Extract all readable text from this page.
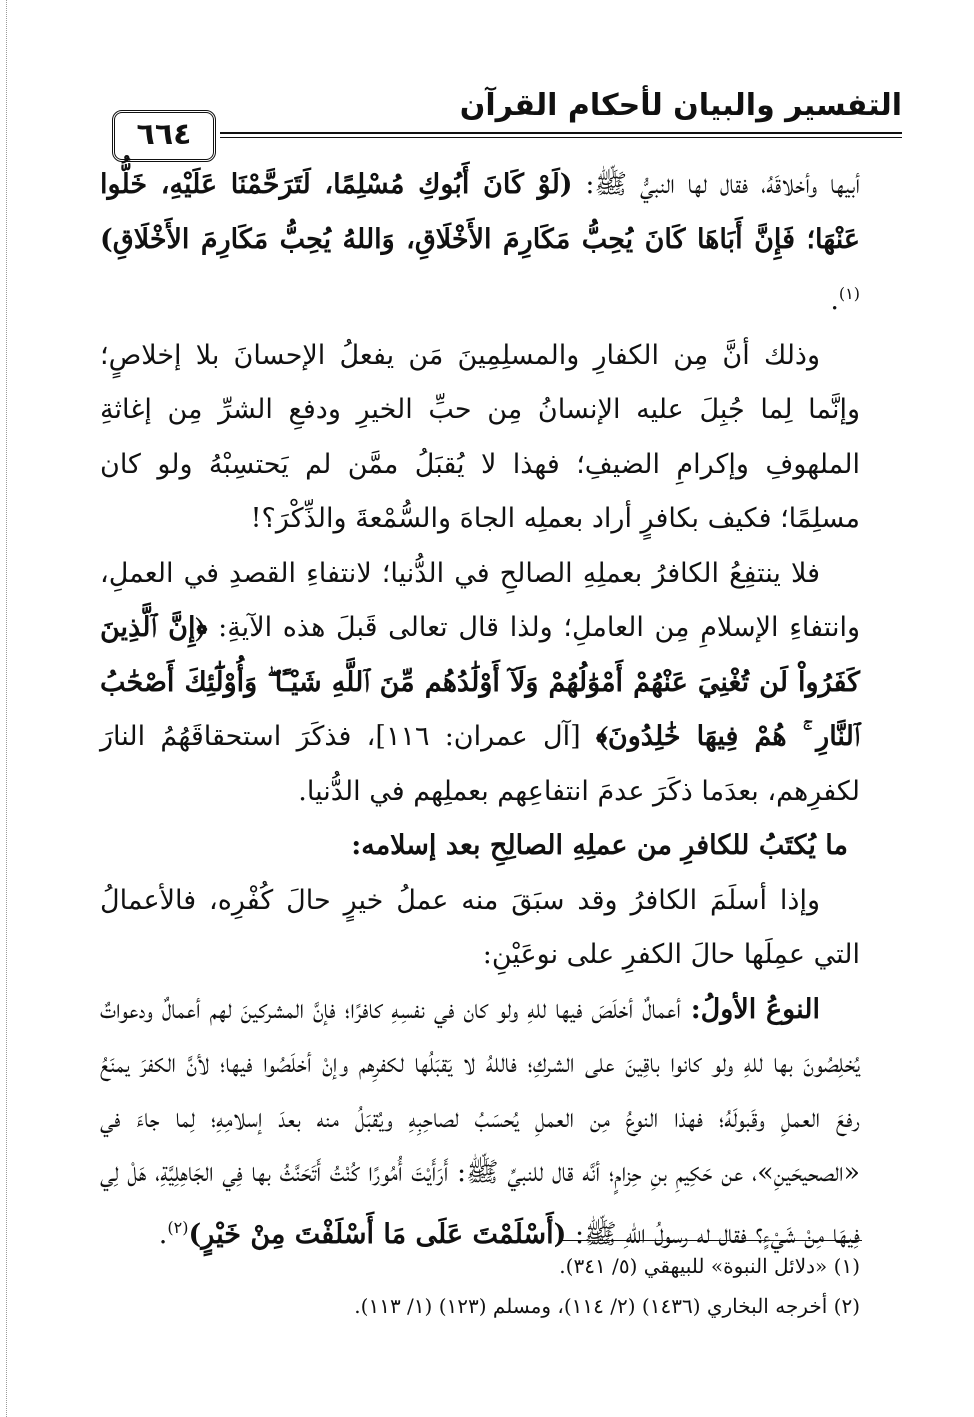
التفسير والبيان لأحكام القرآن
٦٦٤

أبيها وأخلاقَهُ، فقال لها النبيُّ ﷺ: (لَوْ كَانَ أَبُوكِ مُسْلِمًا، لَتَرَحَّمْنَا عَلَيْهِ، خَلُّوا عَنْهَا؛ فَإِنَّ أَبَاهَا كَانَ يُحِبُّ مَكَارِمَ الأَخْلَاقِ، وَاللهُ يُحِبُّ مَكَارِمَ الأَخْلَاقِ)$^{(١)}$.

وذلك أنَّ مِن الكفارِ والمسلِمِينَ مَن يفعلُ الإحسانَ بلا إخلاصٍ؛ وإنَّما لِما جُبِلَ عليه الإنسانُ مِن حبِّ الخيرِ ودفعِ الشرِّ مِن إغاثةِ الملهوفِ وإكرامِ الضيفِ؛ فهذا لا يُقبَلُ ممَّن لم يَحتسِبْهُ ولو كان مسلِمًا؛ فكيف بكافرٍ أراد بعملِه الجاهَ والسُّمْعةَ والذِّكْرَ؟!

فلا ينتفِعُ الكافرُ بعملِهِ الصالحِ في الدُّنيا؛ لانتفاءِ القصدِ في العملِ، وانتفاءِ الإسلامِ مِن العاملِ؛ ولذا قال تعالى قَبلَ هذه الآيةِ: ﴿إِنَّ ٱلَّذِينَ كَفَرُواْ لَن تُغْنِيَ عَنْهُمْ أَمْوَٰلُهُمْ وَلَآ أَوْلَٰدُهُم مِّنَ ٱللَّهِ شَيْـًٔا ۖ وَأُوْلَٰٓئِكَ أَصْحَٰبُ ٱلنَّارِ ۚ هُمْ فِيهَا خَٰلِدُونَ﴾ [آل عمران: ١١٦]، فذكَرَ استحقاقَهُمُ النارَ لكفرِهم، بعدَما ذكَرَ عدمَ انتفاعِهم بعملِهم في الدُّنيا.

ما يُكتَبُ للكافرِ من عملِهِ الصالِحِ بعد إسلامه:

وإذا أسلَمَ الكافرُ وقد سبَقَ منه عملُ خيرٍ حالَ كُفْرِه، فالأعمالُ التي عمِلَها حالَ الكفرِ على نوعَيْنِ:

النوعُ الأولُ: أعمالٌ أخلَصَ فيها للهِ ولو كان في نفسِهِ كافرًا؛ فإنَّ المشركينَ لهم أعمالٌ ودعواتٌ يُخلِصُونَ بها للهِ ولو كانوا باقِينَ على الشركِ؛ فاللهُ لا يَقبَلُها لكفرِهم وإنْ أخلَصُوا فيها؛ لأنَّ الكفرَ يمنَعُ رفعَ العملِ وقَبولَهُ؛ فهذا النوعُ مِن العملِ يُحسَبُ لصاحِبِهِ ويُقبَلُ منه بعدَ إسلامِهِ؛ لِما جاءَ في «الصحيحَينِ»، عن حَكِيمِ بنِ حِزامٍ؛ أنَّه قال للنبيِّ ﷺ: أَرَأَيْتَ أُمُورًا كُنْتُ أَتَحَنَّثُ بها فِي الجَاهِلِيَّةِ، هَلْ لِي فِيهَا مِنْ شَيْءٍ؟ فقال له رسولُ اللهِ ﷺ: (أَسْلَمْتَ عَلَى مَا أَسْلَفْتَ مِنْ خَيْرٍ)$^{(٢)}$.

(١) «دلائل النبوة» للبيهقي (٥/ ٣٤١).

(٢) أخرجه البخاري (١٤٣٦) (٢/ ١١٤)، ومسلم (١٢٣) (١/ ١١٣).
